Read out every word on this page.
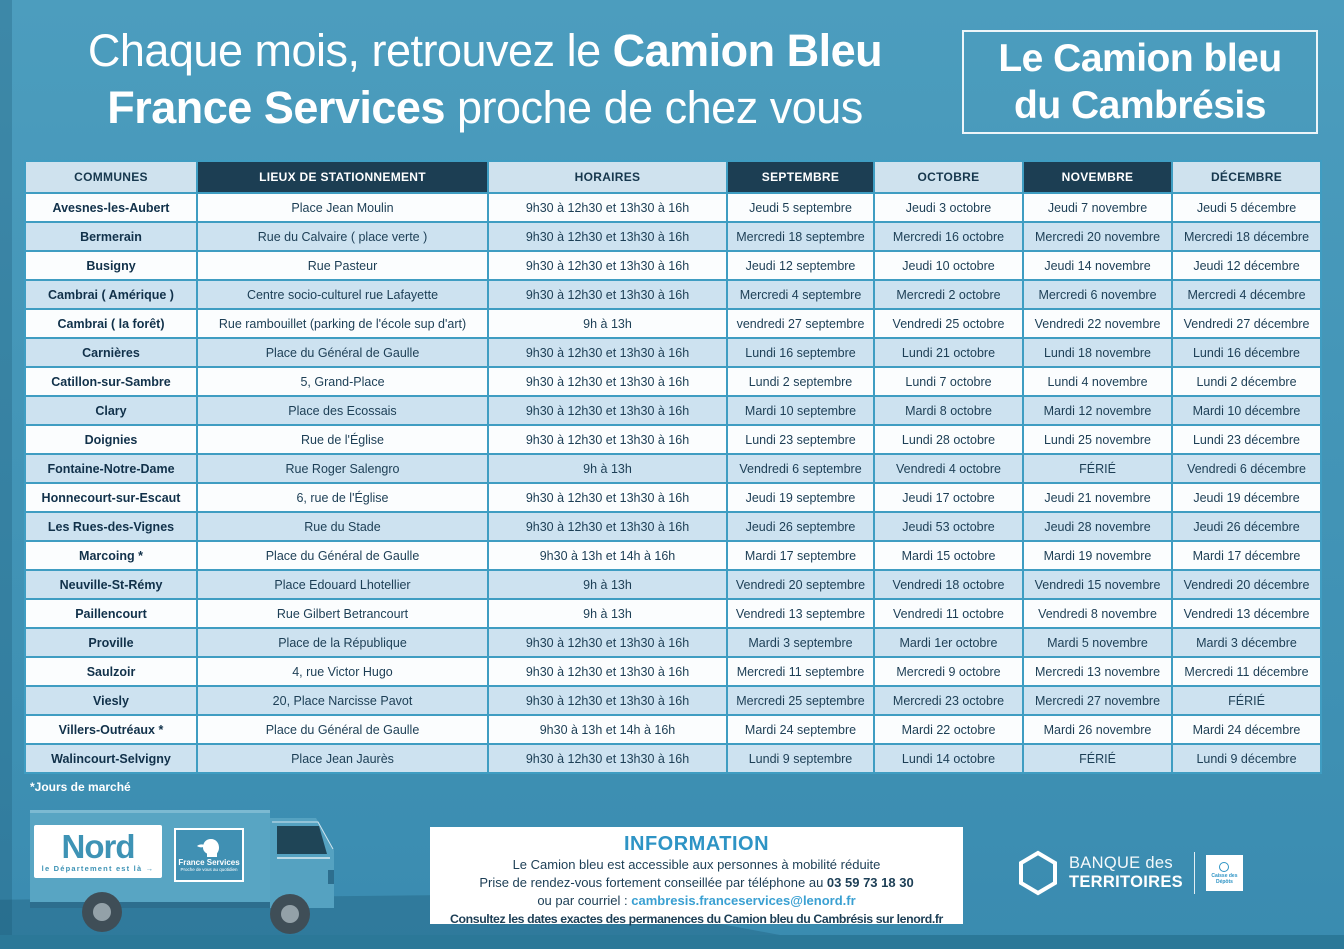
Chaque mois, retrouvez le Camion Bleu
France Services proche de chez vous
Le Camion bleu
du Cambrésis
COMMUNES	LIEUX DE STATIONNEMENT	HORAIRES	SEPTEMBRE	OCTOBRE	NOVEMBRE	DÉCEMBRE
Avesnes-les-Aubert	Place Jean Moulin	9h30 à 12h30 et 13h30 à 16h	Jeudi 5 septembre	Jeudi 3 octobre	Jeudi 7 novembre	Jeudi 5 décembre
Bermerain	Rue du Calvaire ( place verte )	9h30 à 12h30 et 13h30 à 16h	Mercredi 18 septembre	Mercredi 16 octobre	Mercredi 20 novembre	Mercredi 18 décembre
Busigny	Rue Pasteur	9h30 à 12h30 et 13h30 à 16h	Jeudi 12 septembre	Jeudi 10 octobre	Jeudi 14 novembre	Jeudi 12 décembre
Cambrai ( Amérique )	Centre socio-culturel rue Lafayette	9h30 à 12h30 et 13h30 à 16h	Mercredi 4 septembre	Mercredi 2 octobre	Mercredi 6 novembre	Mercredi 4 décembre
Cambrai ( la forêt)	Rue rambouillet (parking de l'école sup d'art)	9h à 13h	vendredi 27 septembre	Vendredi 25 octobre	Vendredi 22 novembre	Vendredi 27 décembre
Carnières	Place du Général de Gaulle	9h30 à 12h30 et 13h30 à 16h	Lundi 16 septembre	Lundi 21 octobre	Lundi 18 novembre	Lundi 16 décembre
Catillon-sur-Sambre	5, Grand-Place	9h30 à 12h30 et 13h30 à 16h	Lundi 2 septembre	Lundi 7 octobre	Lundi 4 novembre	Lundi 2 décembre
Clary	Place des Ecossais	9h30 à 12h30 et 13h30 à 16h	Mardi 10 septembre	Mardi 8 octobre	Mardi 12 novembre	Mardi 10 décembre
Doignies	Rue de l'Église	9h30 à 12h30 et 13h30 à 16h	Lundi 23 septembre	Lundi 28 octobre	Lundi 25 novembre	Lundi 23 décembre
Fontaine-Notre-Dame	Rue Roger Salengro	9h à 13h	Vendredi 6 septembre	Vendredi 4 octobre	FÉRIÉ	Vendredi 6 décembre
Honnecourt-sur-Escaut	6, rue de l'Église	9h30 à 12h30 et 13h30 à 16h	Jeudi 19 septembre	Jeudi 17 octobre	Jeudi 21 novembre	Jeudi 19 décembre
Les Rues-des-Vignes	Rue du Stade	9h30 à 12h30 et 13h30 à 16h	Jeudi 26 septembre	Jeudi 53 octobre	Jeudi 28 novembre	Jeudi 26 décembre
Marcoing *	Place du Général de Gaulle	9h30 à 13h et 14h à 16h	Mardi 17 septembre	Mardi 15 octobre	Mardi 19 novembre	Mardi 17 décembre
Neuville-St-Rémy	Place Edouard Lhotellier	9h à 13h	Vendredi 20 septembre	Vendredi 18 octobre	Vendredi 15 novembre	Vendredi 20 décembre
Paillencourt	Rue Gilbert Betrancourt	9h à 13h	Vendredi 13 septembre	Vendredi 11 octobre	Vendredi 8 novembre	Vendredi 13 décembre
Proville	Place de la République	9h30 à 12h30 et 13h30 à 16h	Mardi 3 septembre	Mardi 1er octobre	Mardi 5 novembre	Mardi 3 décembre
Saulzoir	4, rue Victor Hugo	9h30 à 12h30 et 13h30 à 16h	Mercredi 11 septembre	Mercredi 9 octobre	Mercredi 13 novembre	Mercredi 11 décembre
Viesly	20, Place Narcisse Pavot	9h30 à 12h30 et 13h30 à 16h	Mercredi 25 septembre	Mercredi 23 octobre	Mercredi 27 novembre	FÉRIÉ
Villers-Outréaux *	Place du Général de Gaulle	9h30 à 13h et 14h à 16h	Mardi 24 septembre	Mardi 22 octobre	Mardi 26 novembre	Mardi 24 décembre
Walincourt-Selvigny	Place Jean Jaurès	9h30 à 12h30 et 13h30 à 16h	Lundi 9 septembre	Lundi 14 octobre	FÉRIÉ	Lundi 9 décembre
*Jours de marché
Nord
le Département est là →
France Services
Proche de vous au quotidien
INFORMATION
Le Camion bleu est accessible aux personnes à mobilité réduite
Prise de rendez-vous fortement conseillée par téléphone au 03 59 73 18 30
ou par courriel : cambresis.franceservices@lenord.fr
Consultez les dates exactes des permanences du Camion bleu du Cambrésis sur lenord.fr
BANQUE des
TERRITOIRES	Caisse des Dépôts
